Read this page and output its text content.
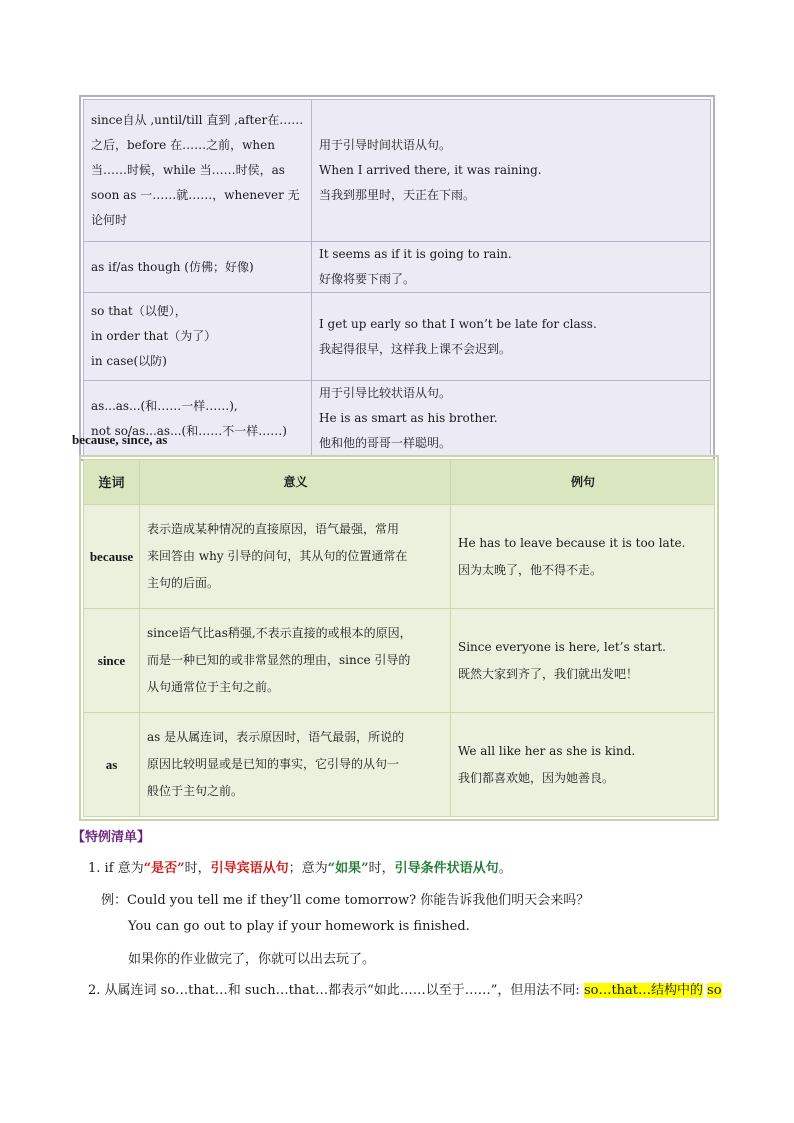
since自从 ,until/till 直到 ,after在……
之后，before 在……之前，when
当……时候，while 当……时侯，as
soon as 一……就……，whenever 无
论何时	用于引导时间状语从句。
When I arrived there, it was raining.
当我到那里时，天正在下雨。

as if/as though (仿佛；好像)	It seems as if it is going to rain.
好像将要下雨了。

so that（以便），
in order that（为了）
in case(以防)	I get up early so that I won’t be late for class.
我起得很早，这样我上课不会迟到。

as...as...(和……一样……),
not so/as...as...(和……不一样……)	用于引导比较状语从句。
He is as smart as his brother.
他和他的哥哥一样聪明。
because, since, as
连词	意义	例句
because	表示造成某种情况的直接原因，语气最强，常用
来回答由 why 引导的问句，其从句的位置通常在
主句的后面。	He has to leave because it is too late.
因为太晚了，他不得不走。

since	since语气比as稍强,不表示直接的或根本的原因，
而是一种已知的或非常显然的理由，since 引导的
从句通常位于主句之前。	Since everyone is here, let’s start.
既然大家到齐了，我们就出发吧！

as	as 是从属连词，表示原因时，语气最弱，所说的
原因比较明显或是已知的事实，它引导的从句一
般位于主句之前。	We all like her as she is kind.
我们都喜欢她，因为她善良。
【特例清单】
1. if 意为“是否”时，引导宾语从句；意为“如果”时，引导条件状语从句。
例：Could you tell me if they’ll come tomorrow? 你能告诉我他们明天会来吗？
You can go out to play if your homework is finished.
如果你的作业做完了，你就可以出去玩了。
2. 从属连词 so…that…和 such…that…都表示“如此……以至于……”，但用法不同: so…that…结构中的 so
